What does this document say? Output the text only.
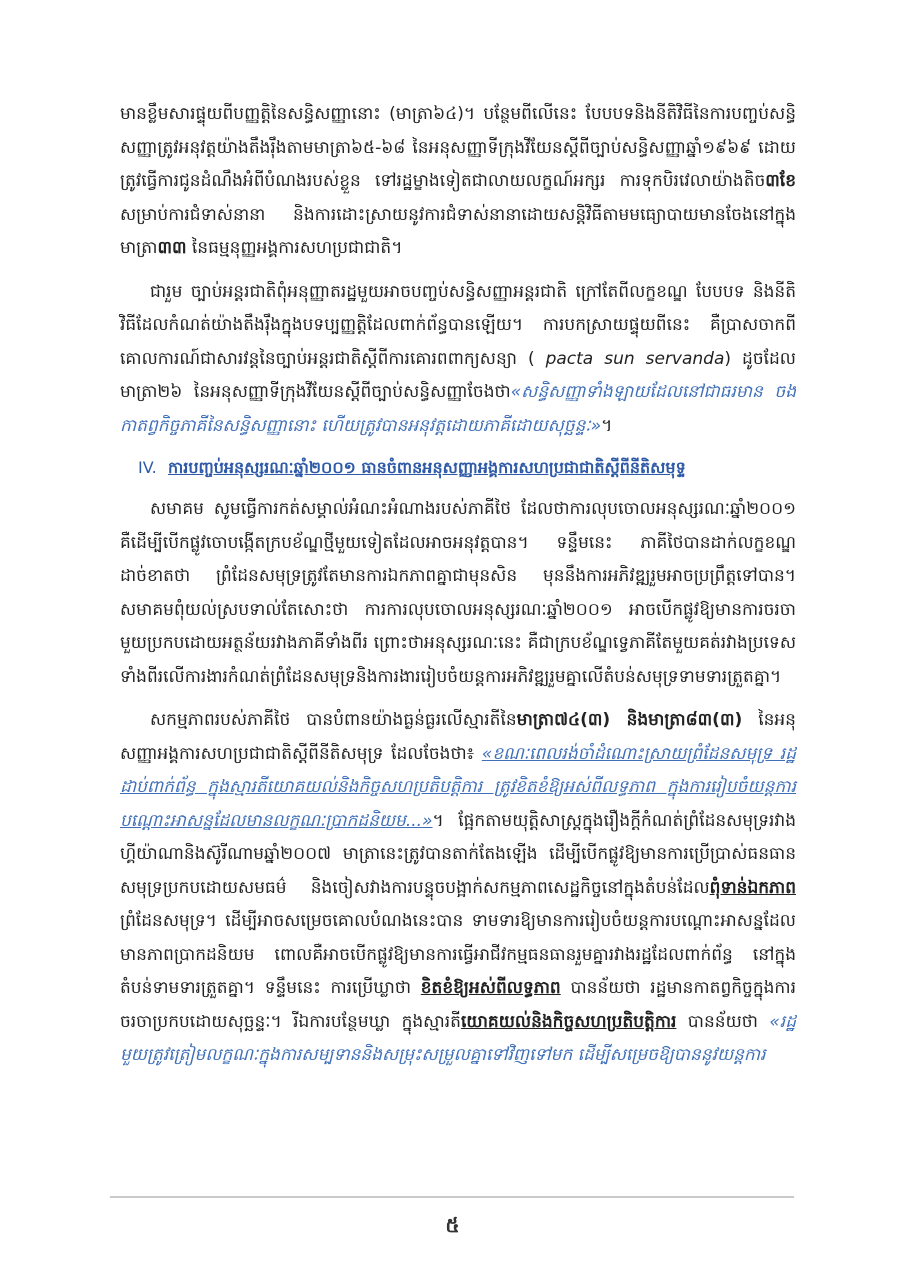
មានខ្លឹមសារផ្ទុយពីបញ្ញត្តិនៃសន្ធិសញ្ញានោះ (មាត្រា៦៤)។ បន្ថែមពីលើនេះ បែបបទនិងនីតិវិធីនៃការបញ្ចប់សន្ធិសញ្ញាត្រូវអនុវត្តយ៉ាងតឹងរ៉ឹងតាមមាត្រា៦៥-៦៨ នៃអនុសញ្ញាទីក្រុងវីយែនស្តីពីច្បាប់សន្ធិសញ្ញាឆ្នាំ១៩៦៩ ដោយត្រូវធ្វើការជូនដំណឹងអំពីបំណងរបស់ខ្លួន ទៅរដ្ឋម្ខាងទៀតជាលាយលក្ខណ៍អក្សរ ការទុកបិរវេលាយ៉ាងតិច៣ខែ សម្រាប់ការជំទាស់នានា និងការដោះស្រាយនូវការជំទាស់នានាដោយសន្តិវិធីតាមមធ្យោបាយមានចែងនៅក្នុងមាត្រា៣៣ នៃធម្មនុញ្ញអង្គការសហប្រជាជាតិ។

ជារួម ច្បាប់អន្តរជាតិពុំអនុញ្ញាតរដ្ឋមួយអាចបញ្ចប់សន្ធិសញ្ញាអន្តរជាតិ ក្រៅតែពីលក្ខខណ្ឌ បែបបទ និងនីតិវិធីដែលកំណត់យ៉ាងតឹងរ៉ឹងក្នុងបទប្បញ្ញត្តិដែលពាក់ព័ន្ធបានឡើយ។ ការបកស្រាយផ្ទុយពីនេះ គឺប្រាសចាកពីគោលការណ៍ជាសារវន្តនៃច្បាប់អន្តរជាតិស្តីពីការគោរពពាក្យសន្យា ( pacta sun servanda) ដូចដែលមាត្រា២៦ នៃអនុសញ្ញាទីក្រុងវីយែនស្តីពីច្បាប់សន្ធិសញ្ញាចែងថា«សន្ធិសញ្ញាទាំងឡាយដែលនៅជាធរមាន ចងកាតព្វកិច្ចភាគីនៃសន្ធិសញ្ញានោះ ហើយត្រូវបានអនុវត្តដោយភាគីដោយសុច្ឆន្ទៈ»។

IV. ការបញ្ចប់អនុស្សរណៈឆ្នាំ២០០១ ធានចំពានអនុសញ្ញាអង្គការសហប្រជាជាតិស្តីពីនីតិសមុទ្ទ

សមាគម សូមធ្វើការកត់សម្គាល់អំណះអំណាងរបស់ភាគីថៃ ដែលថាការលុបចោលអនុស្សរណៈឆ្នាំ២០០១ គឺដើម្បីបើកផ្លូវចោបង្កើតក្របខ័ណ្ឌថ្មីមួយទៀតដែលអាចអនុវត្តបាន។ ទន្ទឹមនេះ ភាគីថៃបានដាក់លក្ខខណ្ឌដាច់ខាតថា ព្រំដែនសមុទ្រត្រូវតែមានការឯកភាពគ្នាជាមុនសិន មុននឹងការអភិវឌ្ឍរួមអាចប្រព្រឹត្តទៅបាន។ សមាគមពុំយល់ស្របទាល់តែសោះថា ការការលុបចោលអនុស្សរណៈឆ្នាំ២០០១ អាចបើកផ្លូវឱ្យមានការចរចាមួយប្រកបដោយអត្ថន័យរវាងភាគីទាំងពីរ ព្រោះថាអនុស្សរណៈនេះ គឺជាក្របខ័ណ្ឌទ្វេភាគីតែមួយគត់រវាងប្រទេសទាំងពីរលើការងារកំណត់ព្រំដែនសមុទ្រនិងការងាររៀបចំយន្តការអភិវឌ្ឍរួមគ្នាលើតំបន់សមុទ្រទាមទារត្រួតគ្នា។

សកម្មភាពរបស់ភាគីថៃ បានបំពានយ៉ាងធ្ងន់ធ្ងរលើស្មារតីនៃមាត្រា៧៤(៣) និងមាត្រា៨៣(៣) នៃអនុសញ្ញាអង្គការសហប្រជាជាតិស្តីពីនីតិសមុទ្រ ដែលចែងថា៖ «ខណៈពេលរង់ចាំដំណោះស្រាយព្រំដែនសមុទ្រ រដ្ឋដាប់ពាក់ព័ន្ធ ក្នុងស្មារតីយោគយល់និងកិច្ចសហប្រតិបត្តិការ ត្រូវខិតខំឱ្យអស់ពីលទ្ធភាព ក្នុងការរៀបចំយន្តការបណ្តោះអាសន្នដែលមានលក្ខណៈប្រាកដនិយម...»។ ផ្អែកតាមយុត្តិសាស្ត្រក្នុងរឿងក្តីកំណត់ព្រំដែនសមុទ្ររវាងហ្គីយ៉ាណានិងស៊ូរីណាមឆ្នាំ២០០៧ មាត្រានេះត្រូវបានតាក់តែងឡើង ដើម្បីបើកផ្លូវឱ្យមានការប្រើប្រាស់ធនធានសមុទ្រប្រកបដោយសមធម៌ និងចៀសវាងការបន្ទុចបង្អាក់សកម្មភាពសេដ្ឋកិច្ចនៅក្នុងតំបន់ដែលពុំទាន់ឯកភាពព្រំដែនសមុទ្រ។ ដើម្បីអាចសម្រេចគោលបំណងនេះបាន ទាមទារឱ្យមានការរៀបចំយន្តការបណ្តោះអាសន្នដែលមានភាពប្រាកដនិយម ពោលគឺអាចបើកផ្លូវឱ្យមានការធ្វើអាជីវកម្មធនធានរួមគ្នារវាងរដ្ឋដែលពាក់ព័ន្ធ នៅក្នុងតំបន់ទាមទារត្រួតគ្នា។ ទន្ទឹមនេះ ការប្រើឃ្លាថា ខិតខំឱ្យអស់ពីលទ្ធភាព បានន័យថា រដ្ឋមានកាតព្វកិច្ចក្នុងការចរចាប្រកបដោយសុច្ឆន្ទៈ។ រីឯការបន្ថែមឃ្លា ក្នុងស្មារតីយោគយល់និងកិច្ចសហប្រតិបត្តិការ បានន័យថា «រដ្ឋមួយត្រូវត្រៀមលក្ខណៈក្នុងការសម្បទាននិងសម្រុះសម្រួលគ្នាទៅវិញទៅមក ដើម្បីសម្រេចឱ្យបាននូវយន្តការ

៥
